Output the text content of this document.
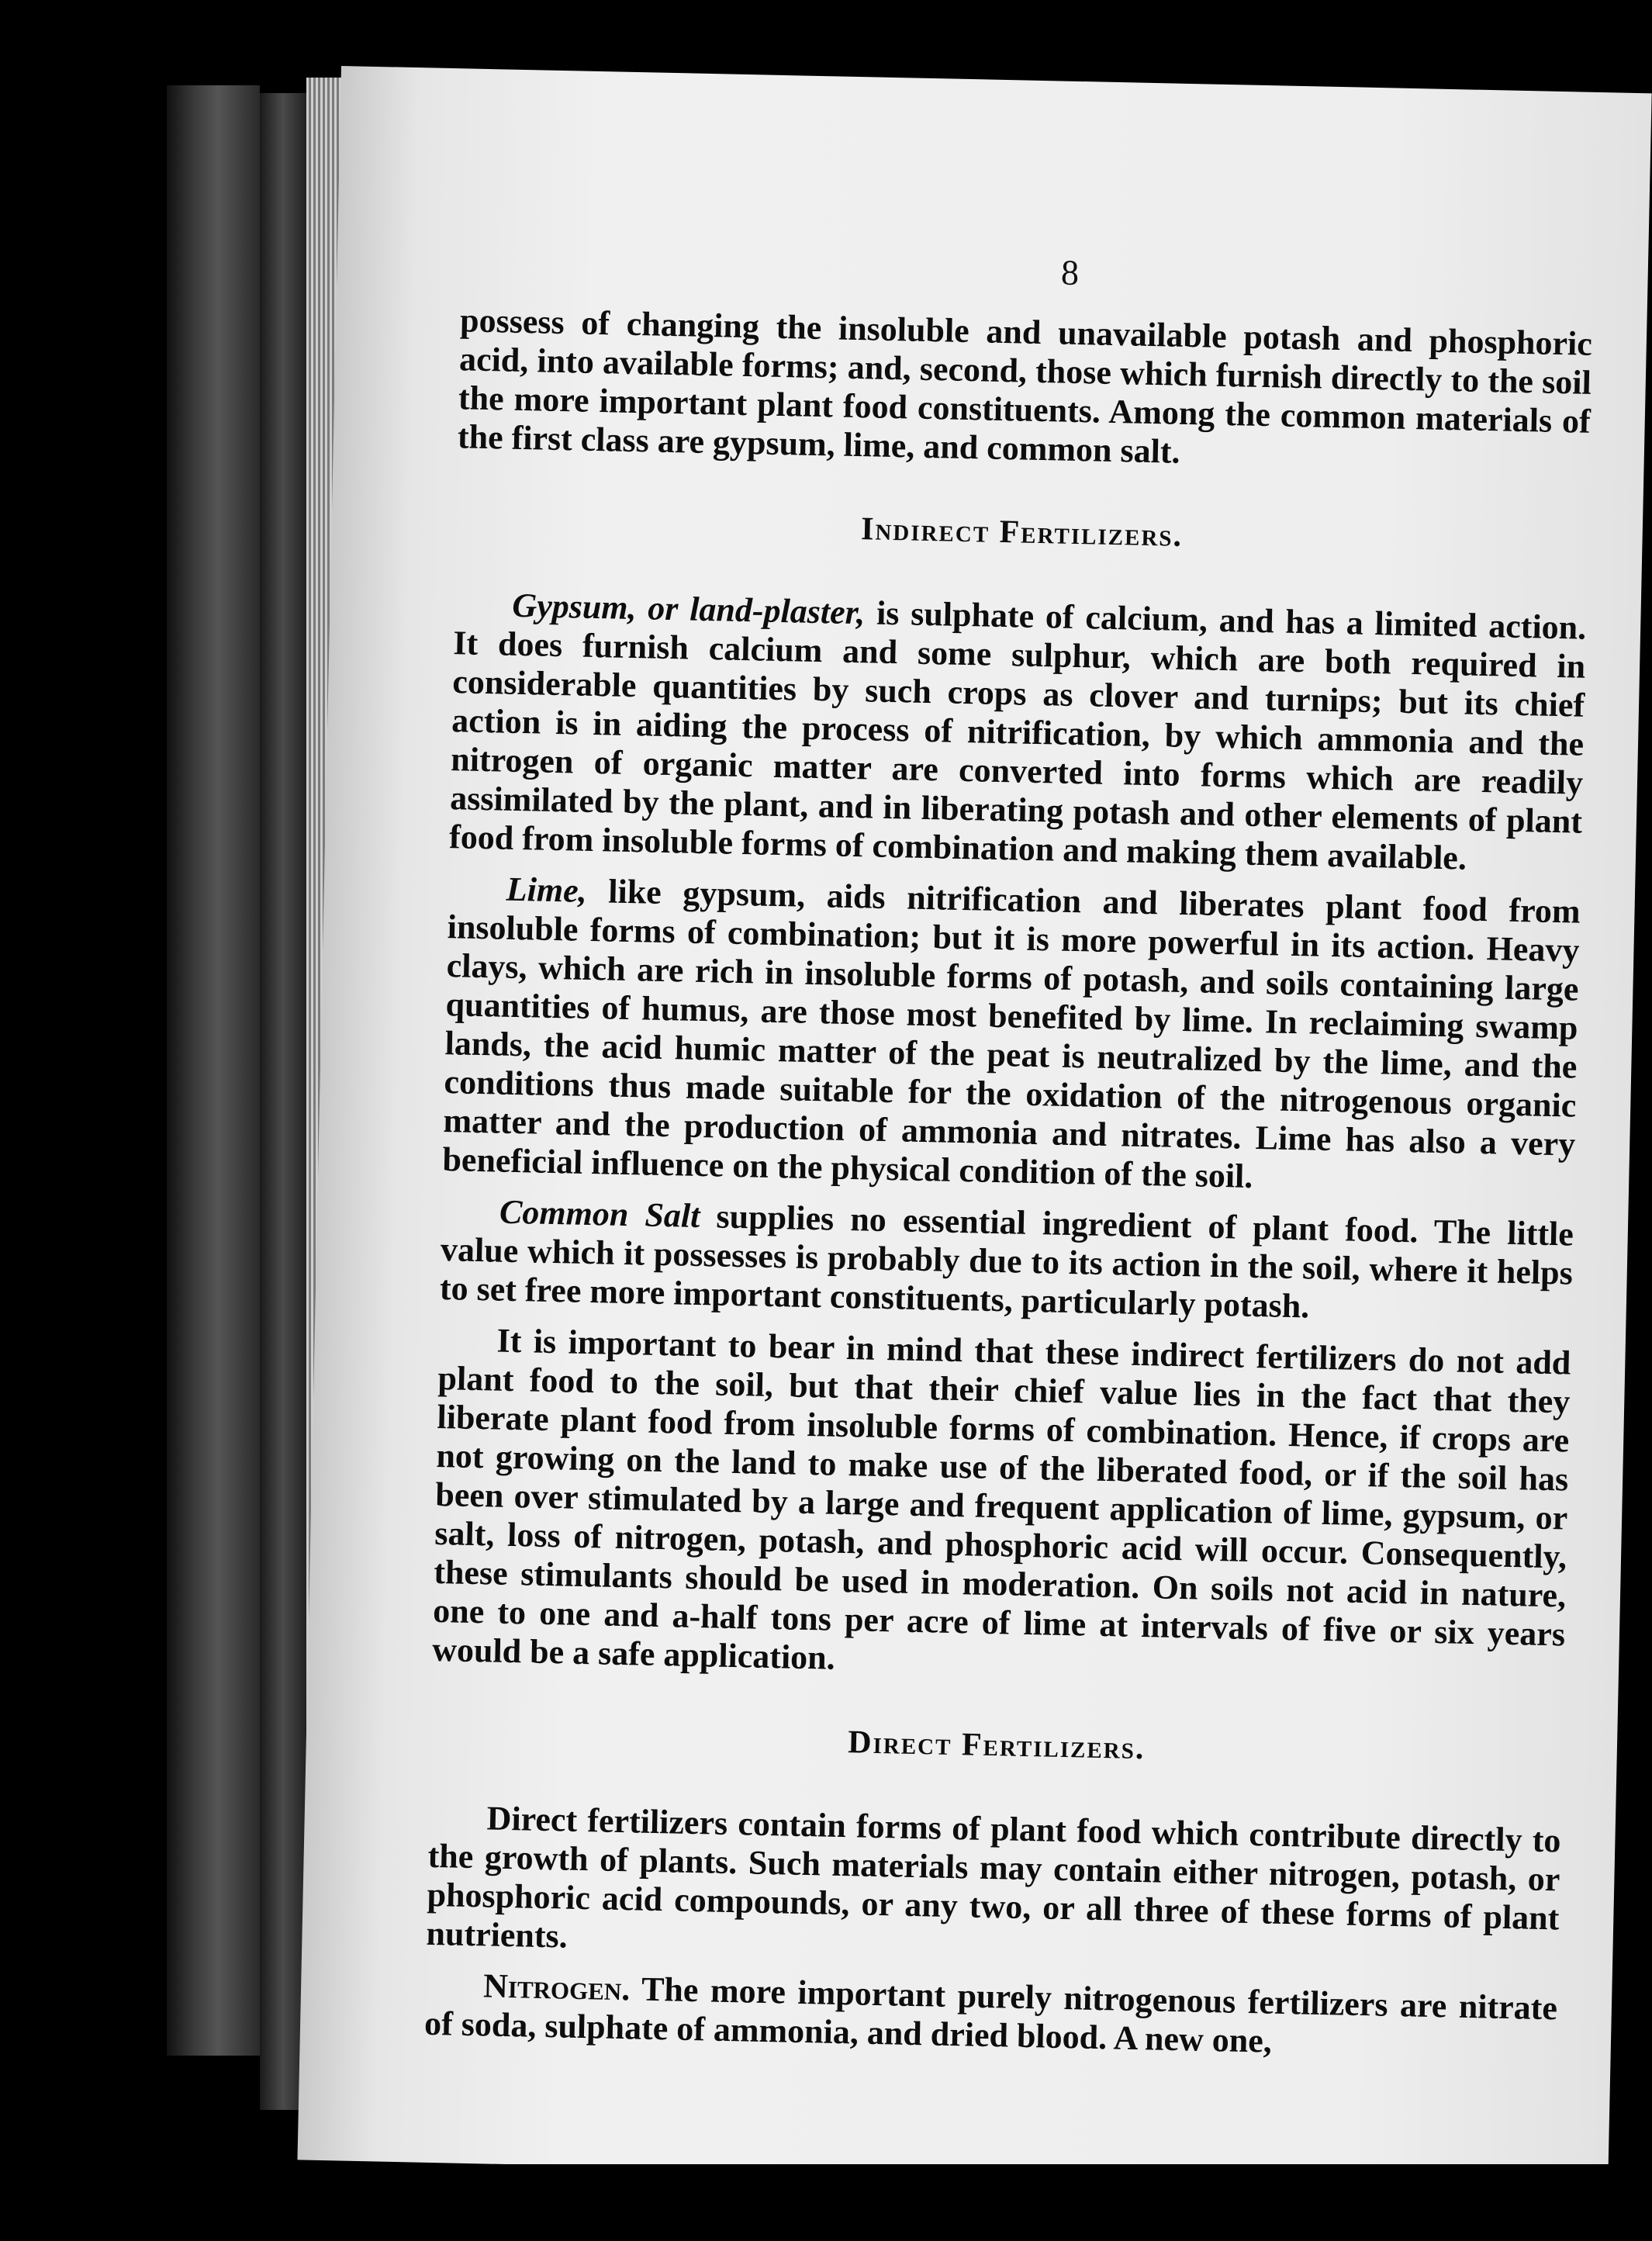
8

possess of changing the insoluble and unavailable potash and phosphoric acid, into available forms; and, second, those which furnish directly to the soil the more important plant food constituents. Among the common materials of the first class are gypsum, lime, and common salt.

Indirect Fertilizers.

Gypsum, or land-plaster, is sulphate of calcium, and has a limited action. It does furnish calcium and some sulphur, which are both required in considerable quantities by such crops as clover and turnips; but its chief action is in aiding the process of nitrification, by which ammonia and the nitrogen of organic matter are converted into forms which are readily assimilated by the plant, and in liberating potash and other elements of plant food from insoluble forms of combination and making them available.

Lime, like gypsum, aids nitrification and liberates plant food from insoluble forms of combination; but it is more powerful in its action. Heavy clays, which are rich in insoluble forms of potash, and soils containing large quantities of humus, are those most benefited by lime. In reclaiming swamp lands, the acid humic matter of the peat is neutralized by the lime, and the conditions thus made suitable for the oxidation of the nitrogenous organic matter and the production of ammonia and nitrates. Lime has also a very beneficial influence on the physical condition of the soil.

Common Salt supplies no essential ingredient of plant food. The little value which it possesses is probably due to its action in the soil, where it helps to set free more important constituents, particularly potash.

It is important to bear in mind that these indirect fertilizers do not add plant food to the soil, but that their chief value lies in the fact that they liberate plant food from insoluble forms of combination. Hence, if crops are not growing on the land to make use of the liberated food, or if the soil has been over stimulated by a large and frequent application of lime, gypsum, or salt, loss of nitrogen, potash, and phosphoric acid will occur. Consequently, these stimulants should be used in moderation. On soils not acid in nature, one to one and a-half tons per acre of lime at intervals of five or six years would be a safe application.

Direct Fertilizers.

Direct fertilizers contain forms of plant food which contribute directly to the growth of plants. Such materials may contain either nitrogen, potash, or phosphoric acid compounds, or any two, or all three of these forms of plant nutrients.

Nitrogen. The more important purely nitrogenous fertilizers are nitrate of soda, sulphate of ammonia, and dried blood. A new one,
